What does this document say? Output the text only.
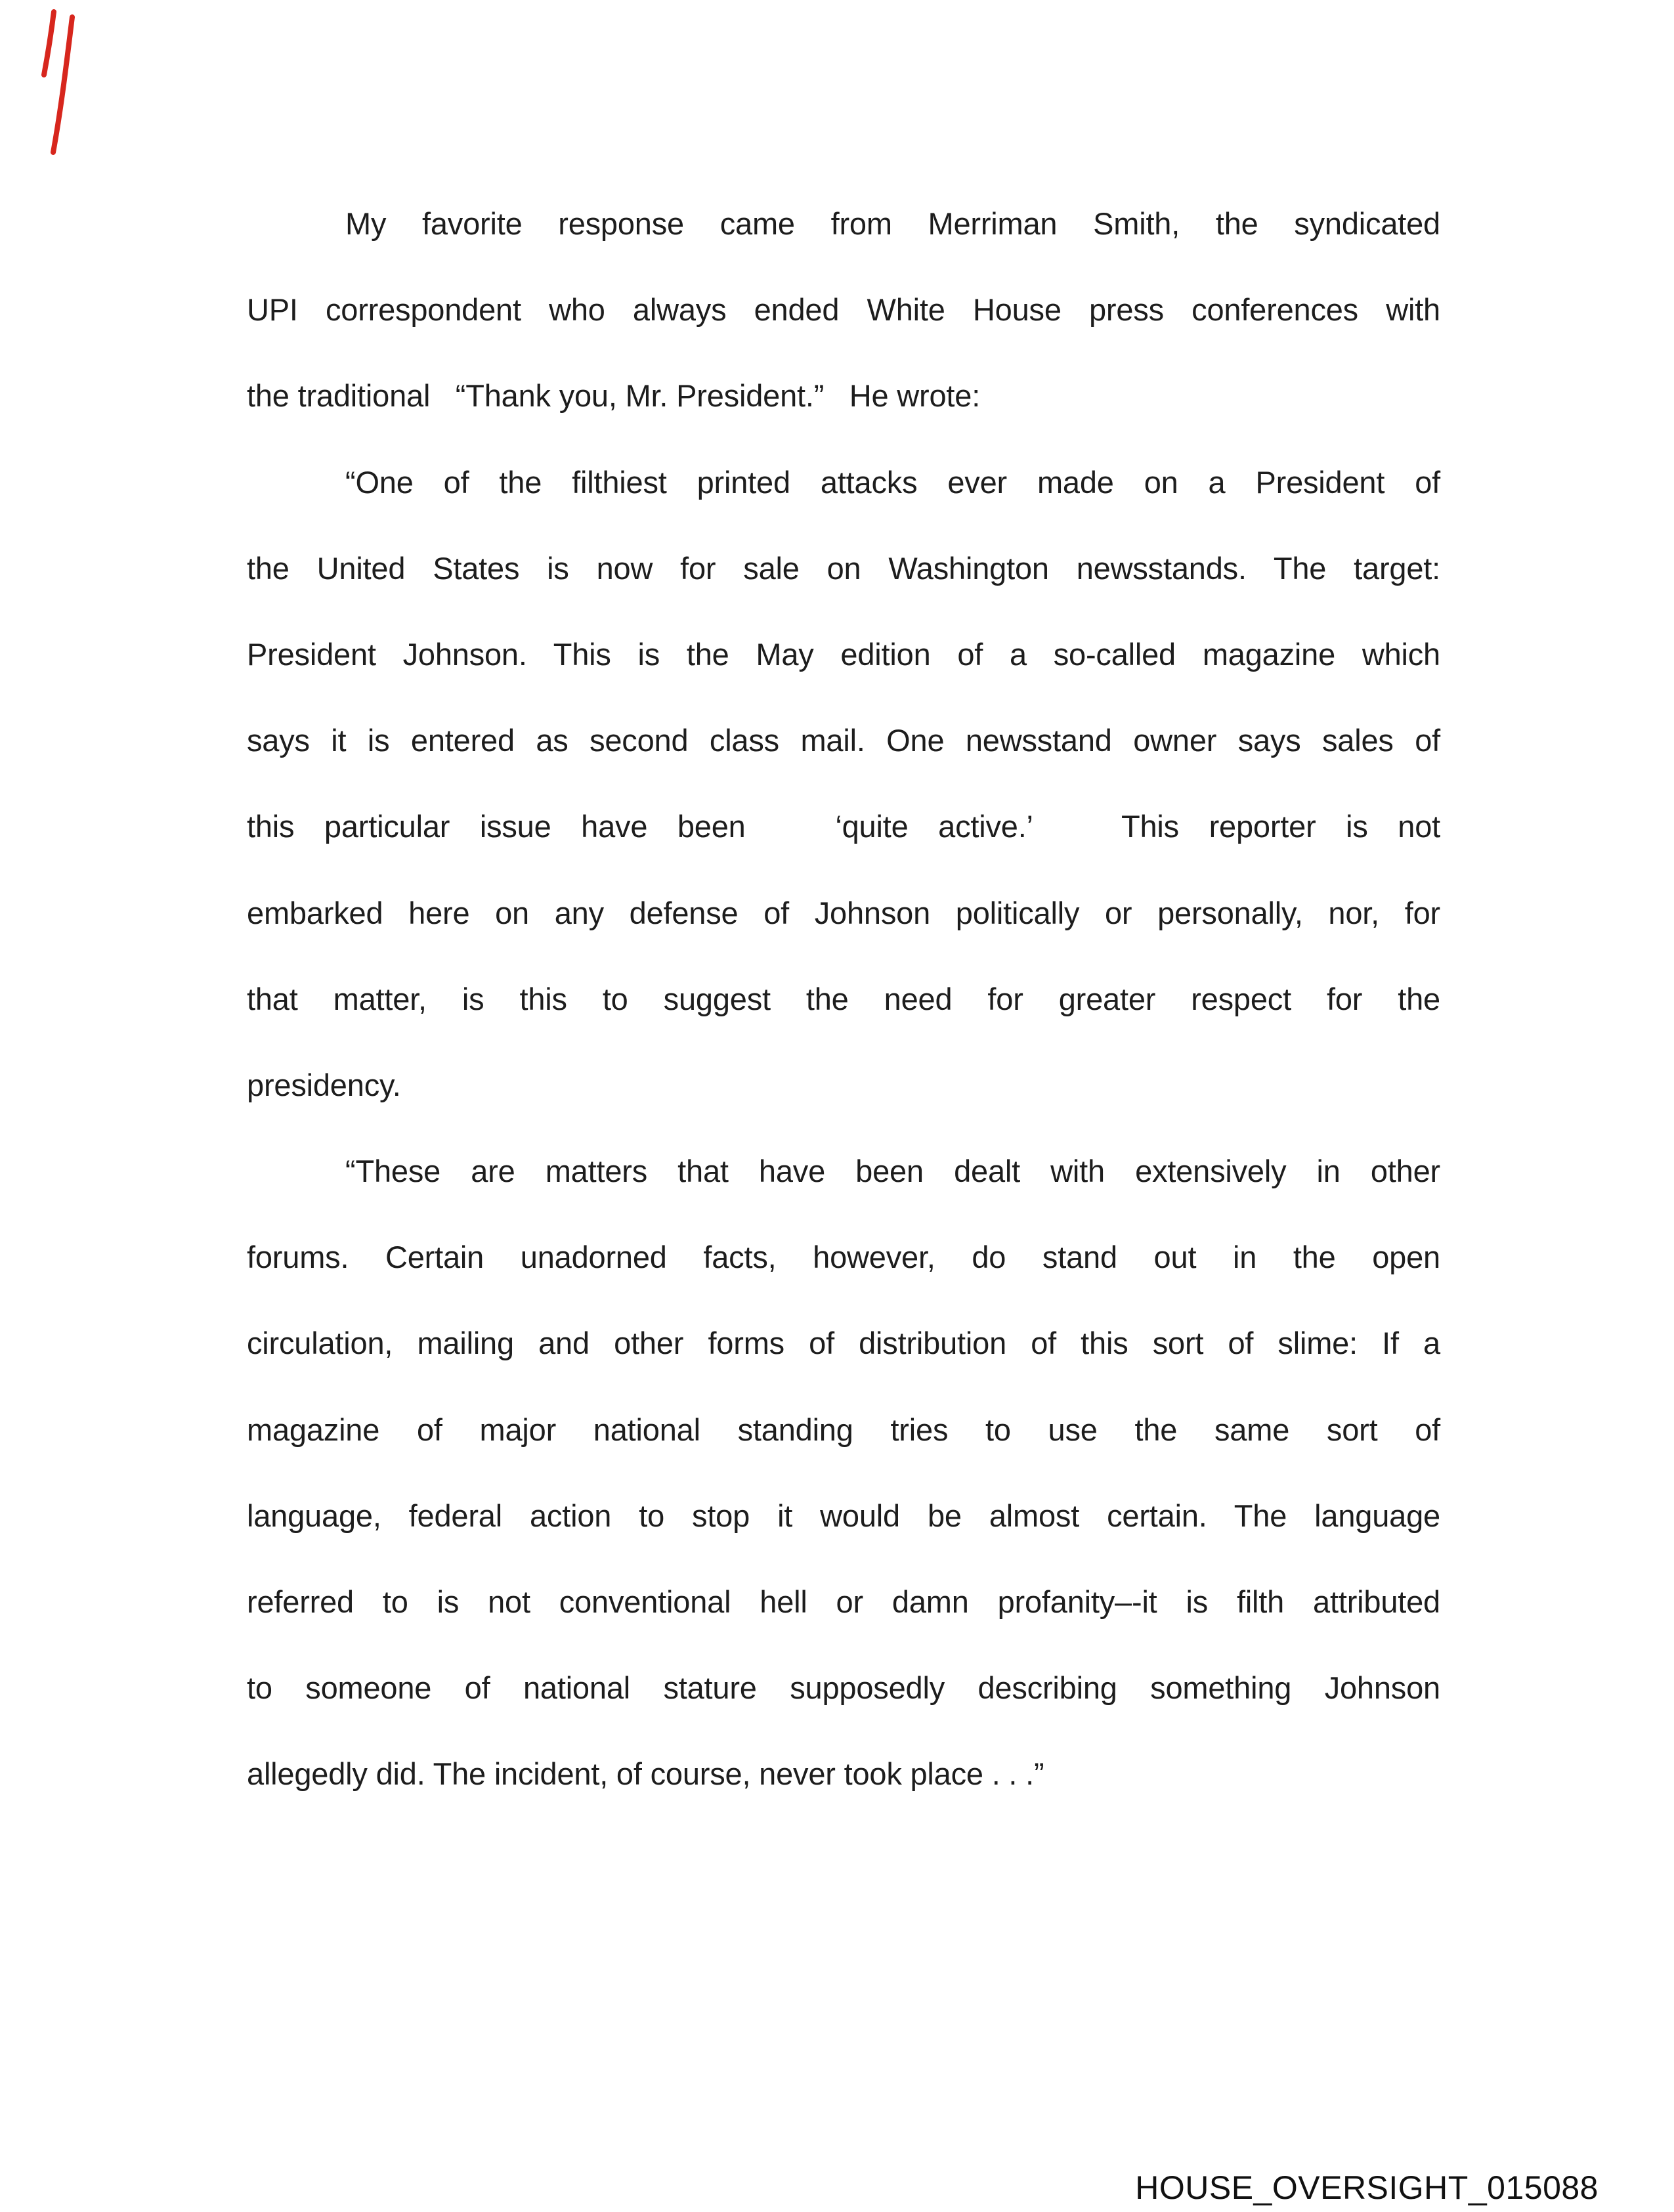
My favorite response came from Merriman Smith, the syndicated
UPI correspondent who always ended White House press conferences with
the traditional   “Thank you, Mr. President.”   He wrote:
“One of the filthiest printed attacks ever made on a President of
the United States is now for sale on Washington newsstands. The target:
President Johnson. This is the May edition of a so-called magazine which
says it is entered as second class mail. One newsstand owner says sales of
this particular issue have been   ‘quite active.’   This reporter is not
embarked here on any defense of Johnson politically or personally, nor, for
that matter, is this to suggest the need for greater respect for the
presidency.
“These are matters that have been dealt with extensively in other
forums. Certain unadorned facts, however, do stand out in the open
circulation, mailing and other forms of distribution of this sort of slime: If a
magazine of major national standing tries to use the same sort of
language, federal action to stop it would be almost certain. The language
referred to is not conventional hell or damn profanity–-it is filth attributed
to someone of national stature supposedly describing something Johnson
allegedly did. The incident, of course, never took place . . .”
HOUSE_OVERSIGHT_015088
